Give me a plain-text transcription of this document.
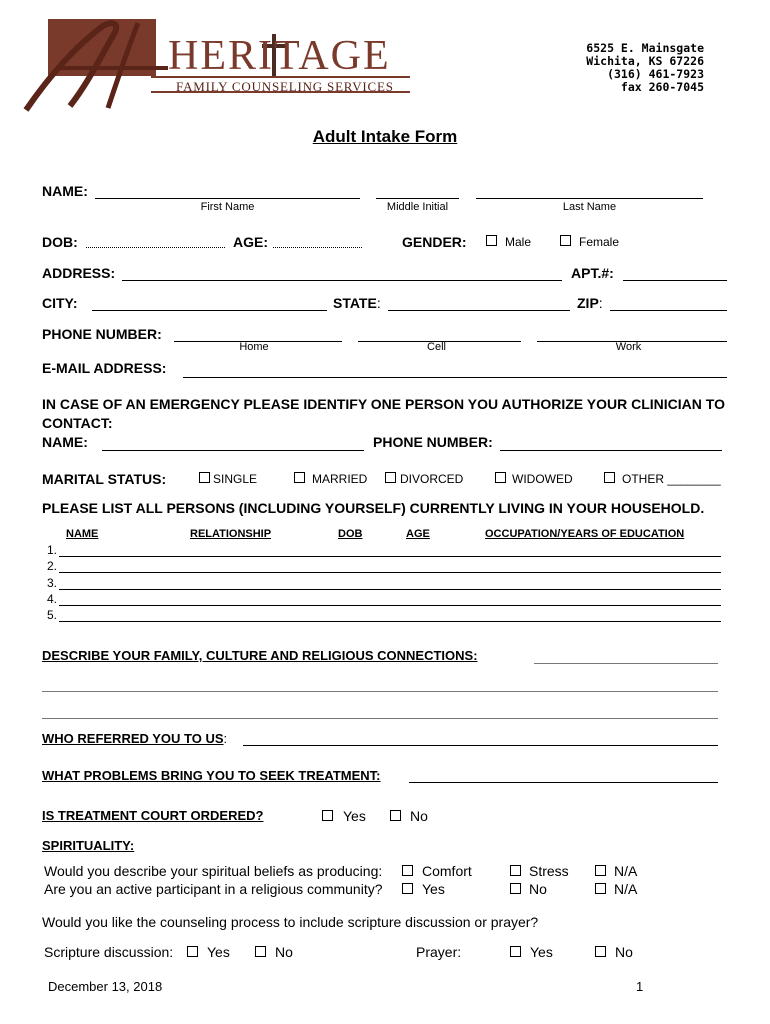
HERITAGE
FAMILY COUNSELING SERVICES
6525 E. Mainsgate
Wichita, KS 67226
(316) 461-7923
fax 260-7045
Adult Intake Form
NAME:
First Name	Middle Initial	Last Name
DOB:	AGE:	GENDER:	Male	Female
ADDRESS:	APT.#:
CITY:	STATE:	ZIP:
PHONE NUMBER:
Home	Cell	Work
E-MAIL ADDRESS:
IN CASE OF AN EMERGENCY PLEASE IDENTIFY ONE PERSON YOU AUTHORIZE YOUR CLINICIAN TO CONTACT:
NAME:	PHONE NUMBER:
MARITAL STATUS:	SINGLE	MARRIED	DIVORCED	WIDOWED	OTHER ________
PLEASE LIST ALL PERSONS (INCLUDING YOURSELF) CURRENTLY LIVING IN YOUR HOUSEHOLD.
NAME	RELATIONSHIP	DOB	AGE	OCCUPATION/YEARS OF EDUCATION
1.
2.
3.
4.
5.
DESCRIBE YOUR FAMILY, CULTURE AND RELIGIOUS CONNECTIONS:
WHO REFERRED YOU TO US:
WHAT PROBLEMS BRING YOU TO SEEK TREATMENT:
IS TREATMENT COURT ORDERED?	Yes	No
SPIRITUALITY:
Would you describe your spiritual beliefs as producing:	Comfort	Stress	N/A
Are you an active participant in a religious community?	Yes	No	N/A
Would you like the counseling process to include scripture discussion or prayer?
Scripture discussion: Yes	No	Prayer:	Yes	No
December 13, 2018	1
